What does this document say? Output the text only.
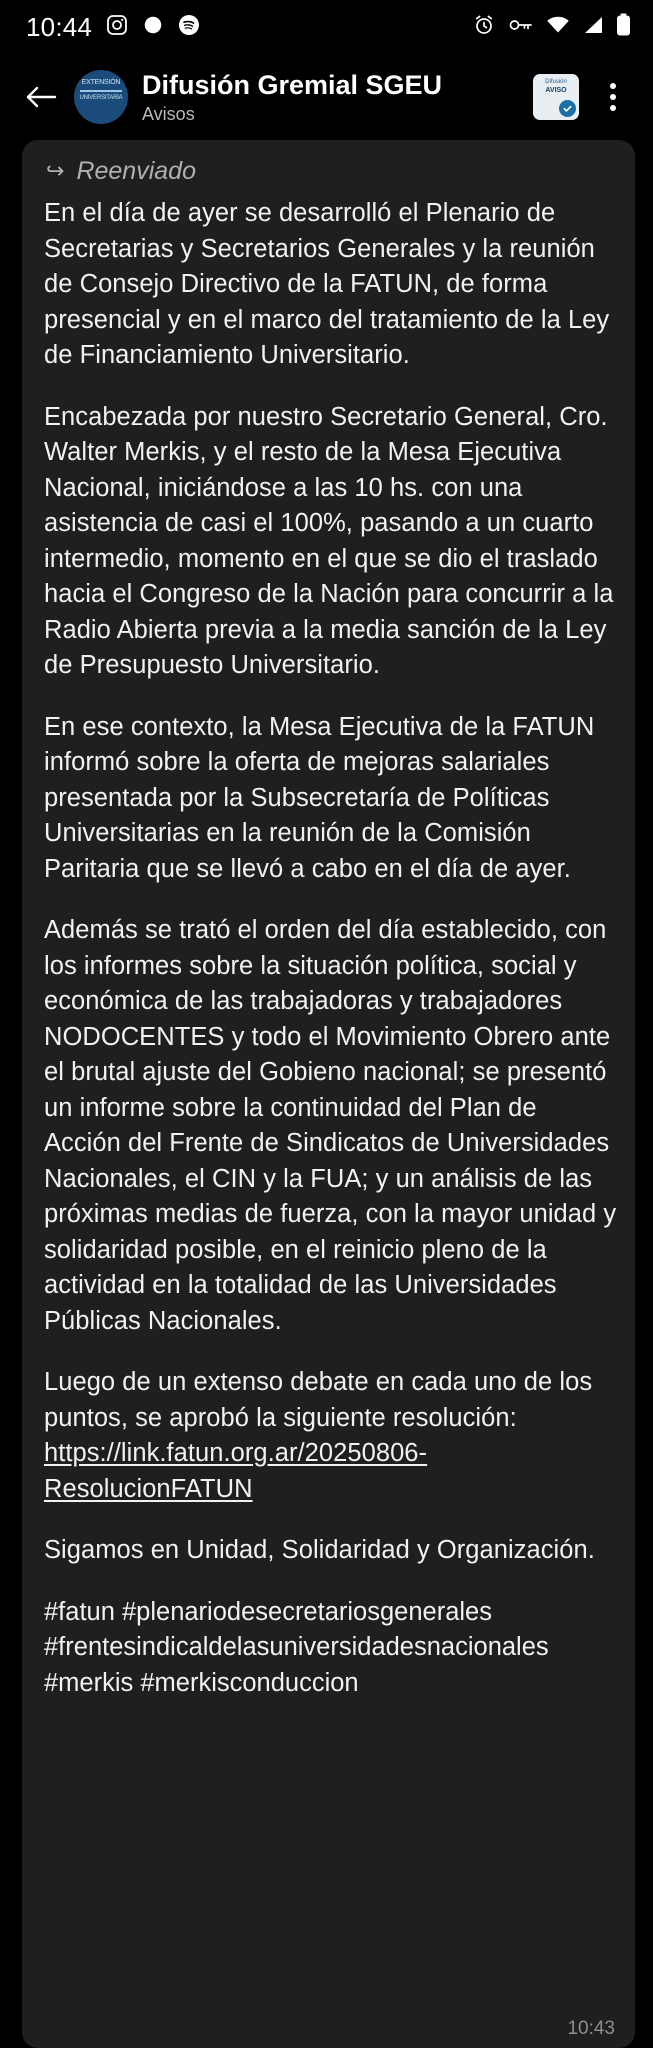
10:44
EXTENSIÓN
UNIVERSITARIA Difusión Gremial SGEU
Avisos
Difusión
AVISO
↪ Reenviado

En el día de ayer se desarrolló el Plenario de Secretarias y Secretarios Generales y la reunión de Consejo Directivo de la FATUN, de forma presencial y en el marco del tratamiento de la Ley de Financiamiento Universitario.

Encabezada por nuestro Secretario General, Cro. Walter Merkis, y el resto de la Mesa Ejecutiva Nacional, iniciándose a las 10 hs. con una asistencia de casi el 100%, pasando a un cuarto intermedio, momento en el que se dio el traslado hacia el Congreso de la Nación para concurrir a la Radio Abierta previa a la media sanción de la Ley de Presupuesto Universitario.

En ese contexto, la Mesa Ejecutiva de la FATUN informó sobre la oferta de mejoras salariales presentada por la Subsecretaría de Políticas Universitarias en la reunión de la Comisión Paritaria que se llevó a cabo en el día de ayer.

Además se trató el orden del día establecido, con los informes sobre la situación política, social y económica de las trabajadoras y trabajadores NODOCENTES y todo el Movimiento Obrero ante el brutal ajuste del Gobieno nacional; se presentó un informe sobre la continuidad del Plan de Acción del Frente de Sindicatos de Universidades Nacionales, el CIN y la FUA; y un análisis de las próximas medias de fuerza, con la mayor unidad y solidaridad posible, en el reinicio pleno de la actividad en la totalidad de las Universidades Públicas Nacionales.

Luego de un extenso debate en cada uno de los puntos, se aprobó la siguiente resolución: https://link.fatun.org.ar/20250806-ResolucionFATUN

Sigamos en Unidad, Solidaridad y Organización.

#fatun #plenariodesecretariosgenerales #frentesindicaldelasuniversidadesnacionales #merkis #merkisconduccion

10:43
